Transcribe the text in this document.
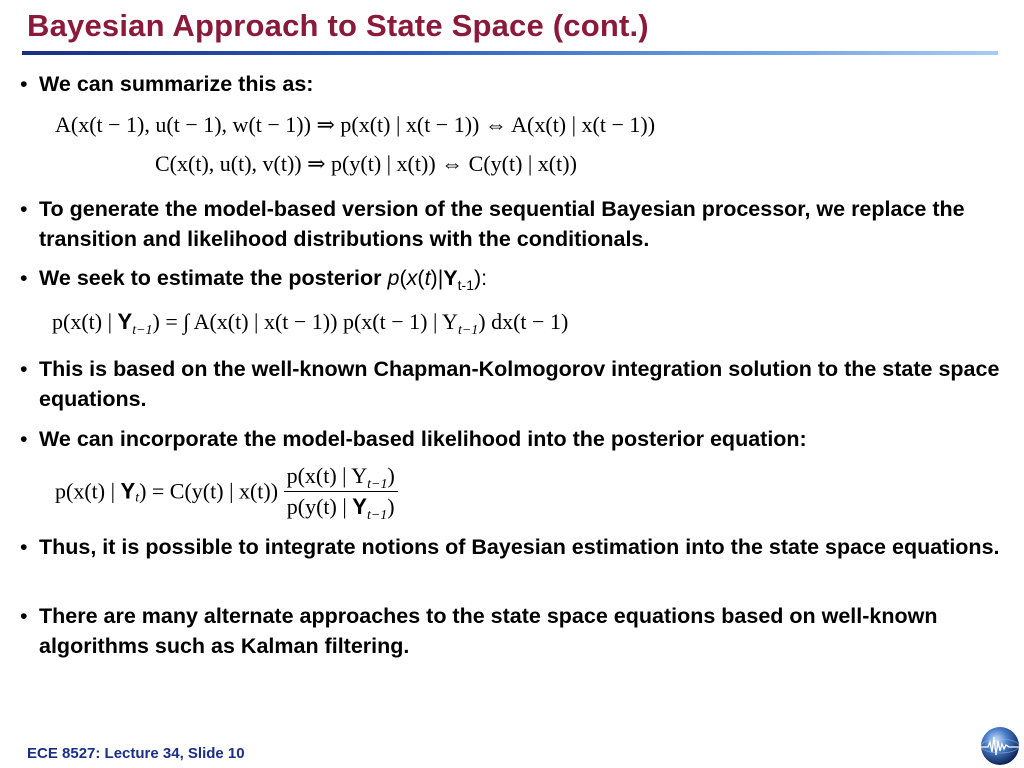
Bayesian Approach to State Space (cont.)
• We can summarize this as:
A(x(t − 1), u(t − 1), w(t − 1)) ⇒ p(x(t) | x(t − 1)) ⇔ A(x(t) | x(t − 1))
C(x(t), u(t), v(t)) ⇒ p(y(t) | x(t)) ⇔ C(y(t) | x(t))
• To generate the model-based version of the sequential Bayesian processor, we replace the transition and likelihood distributions with the conditionals.
• We seek to estimate the posterior $p(x(t)|Y_{t-1})$:
p(x(t) | $Y_{t-1}$) = ∫ A(x(t) | x(t − 1)) p(x(t − 1) | $Y_{t-1}$) dx(t − 1)
• This is based on the well-known Chapman-Kolmogorov integration solution to the state space equations.
• We can incorporate the model-based likelihood into the posterior equation:
p(x(t) | $Y_t) = C(y(t)$ | $x(t)) \frac{p(x(t) | Y_{t-1})}{p(y(t) | Y_{t-1})}$
• Thus, it is possible to integrate notions of Bayesian estimation into the state space equations.
• There are many alternate approaches to the state space equations based on well-known algorithms such as Kalman filtering.
ECE 8527: Lecture 34, Slide 10
